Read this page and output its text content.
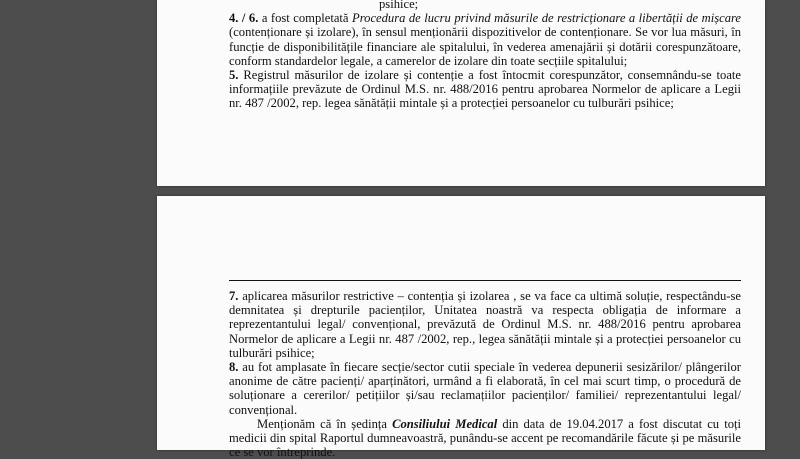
psihice;

4. / 6. a fost completată Procedura de lucru privind măsurile de restricționare a libertății de mișcare (contenționare și izolare), în sensul menționării dispozitivelor de contenționare. Se vor lua măsuri, în funcție de disponibilitățile financiare ale spitalului, în vederea amenajării și dotării corespunzătoare, conform standardelor legale, a camerelor de izolare din toate secțiile spitalului;

5. Registrul măsurilor de izolare și contenție a fost întocmit corespunzător, consemnându-se toate informațiile prevăzute de Ordinul M.S. nr. 488/2016 pentru aprobarea Normelor de aplicare a Legii nr. 487 /2002, rep. legea sănătății mintale și a protecției persoanelor cu tulburări psihice;

7. aplicarea măsurilor restrictive – contenția și izolarea , se va face ca ultimă soluție, respectându-se demnitatea și drepturile pacienților, Unitatea noastră va respecta obligația de informare a reprezentantului legal/ convențional, prevăzută de Ordinul M.S. nr. 488/2016 pentru aprobarea Normelor de aplicare a Legii nr. 487 /2002, rep., legea sănătății mintale și a protecției persoanelor cu tulburări psihice;

8. au fot amplasate în fiecare secție/sector cutii speciale în vederea depunerii sesizărilor/ plângerilor anonime de către pacienți/ aparținători, urmând a fi elaborată, în cel mai scurt timp, o procedură de soluționare a cererilor/ petițiilor și/sau reclamațiilor pacienților/ familiei/ reprezentantului legal/ convențional.

Menționăm că în ședința Consiliului Medical din data de 19.04.2017 a fost discutat cu toți medicii din spital Raportul dumneavoastră, punându-se accent pe recomandările făcute și pe măsurile ce se vor întreprinde.
